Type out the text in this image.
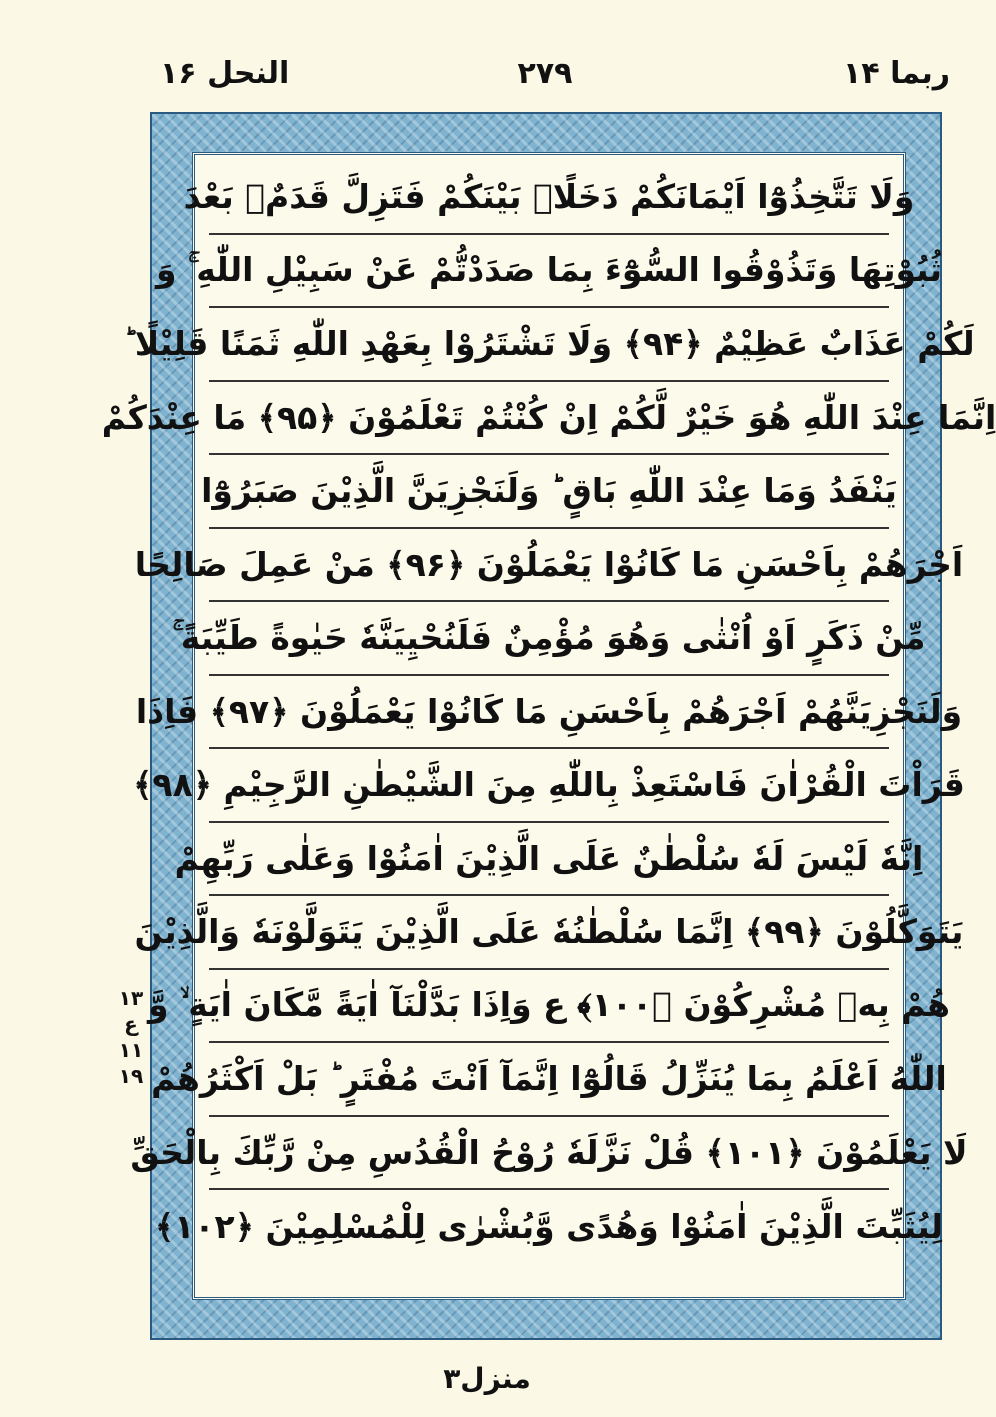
ربما ۱۴
۲۷۹
النحل ۱۶
وَلَا تَتَّخِذُوْٓا اَیْمَانَكُمْ دَخَلًاۢ بَیْنَكُمْ فَتَزِلَّ قَدَمٌۢ بَعْدَ
ثُبُوْتِهَا وَتَذُوْقُوا السُّوْٓءَ بِمَا صَدَدْتُّمْ عَنْ سَبِیْلِ اللّٰهِ ۚ وَ
لَكُمْ عَذَابٌ عَظِیْمٌ ﴿۹۴﴾ وَلَا تَشْتَرُوْا بِعَهْدِ اللّٰهِ ثَمَنًا قَلِیْلًا ؕ
اِنَّمَا عِنْدَ اللّٰهِ هُوَ خَیْرٌ لَّكُمْ اِنْ كُنْتُمْ تَعْلَمُوْنَ ﴿۹۵﴾ مَا عِنْدَكُمْ
یَنْفَدُ وَمَا عِنْدَ اللّٰهِ بَاقٍ ؕ وَلَنَجْزِیَنَّ الَّذِیْنَ صَبَرُوْٓا
اَجْرَهُمْ بِاَحْسَنِ مَا كَانُوْا یَعْمَلُوْنَ ﴿۹۶﴾ مَنْ عَمِلَ صَالِحًا
مِّنْ ذَكَرٍ اَوْ اُنْثٰى وَهُوَ مُؤْمِنٌ فَلَنُحْیِیَنَّهٗ حَیٰوةً طَیِّبَةً ۚ
وَلَنَجْزِیَنَّهُمْ اَجْرَهُمْ بِاَحْسَنِ مَا كَانُوْا یَعْمَلُوْنَ ﴿۹۷﴾ فَاِذَا
قَرَاْتَ الْقُرْاٰنَ فَاسْتَعِذْ بِاللّٰهِ مِنَ الشَّیْطٰنِ الرَّجِیْمِ ﴿۹۸﴾
اِنَّهٗ لَیْسَ لَهٗ سُلْطٰنٌ عَلَى الَّذِیْنَ اٰمَنُوْا وَعَلٰى رَبِّهِمْ
یَتَوَكَّلُوْنَ ﴿۹۹﴾ اِنَّمَا سُلْطٰنُهٗ عَلَى الَّذِیْنَ یَتَوَلَّوْنَهٗ وَالَّذِیْنَ
هُمْ بِهٖ مُشْرِكُوْنَ ﴿۱۰۰﴾ ع وَاِذَا بَدَّلْنَآ اٰیَةً مَّكَانَ اٰیَةٍ ۙ وَّ
اللّٰهُ اَعْلَمُ بِمَا یُنَزِّلُ قَالُوْٓا اِنَّمَآ اَنْتَ مُفْتَرٍ ؕ بَلْ اَكْثَرُهُمْ
لَا یَعْلَمُوْنَ ﴿۱۰۱﴾ قُلْ نَزَّلَهٗ رُوْحُ الْقُدُسِ مِنْ رَّبِّكَ بِالْحَقِّ
لِیُثَبِّتَ الَّذِیْنَ اٰمَنُوْا وَهُدًى وَّبُشْرٰى لِلْمُسْلِمِیْنَ ﴿۱۰۲﴾
۱۳
ع
۱۱
۱۹
منزل۳
